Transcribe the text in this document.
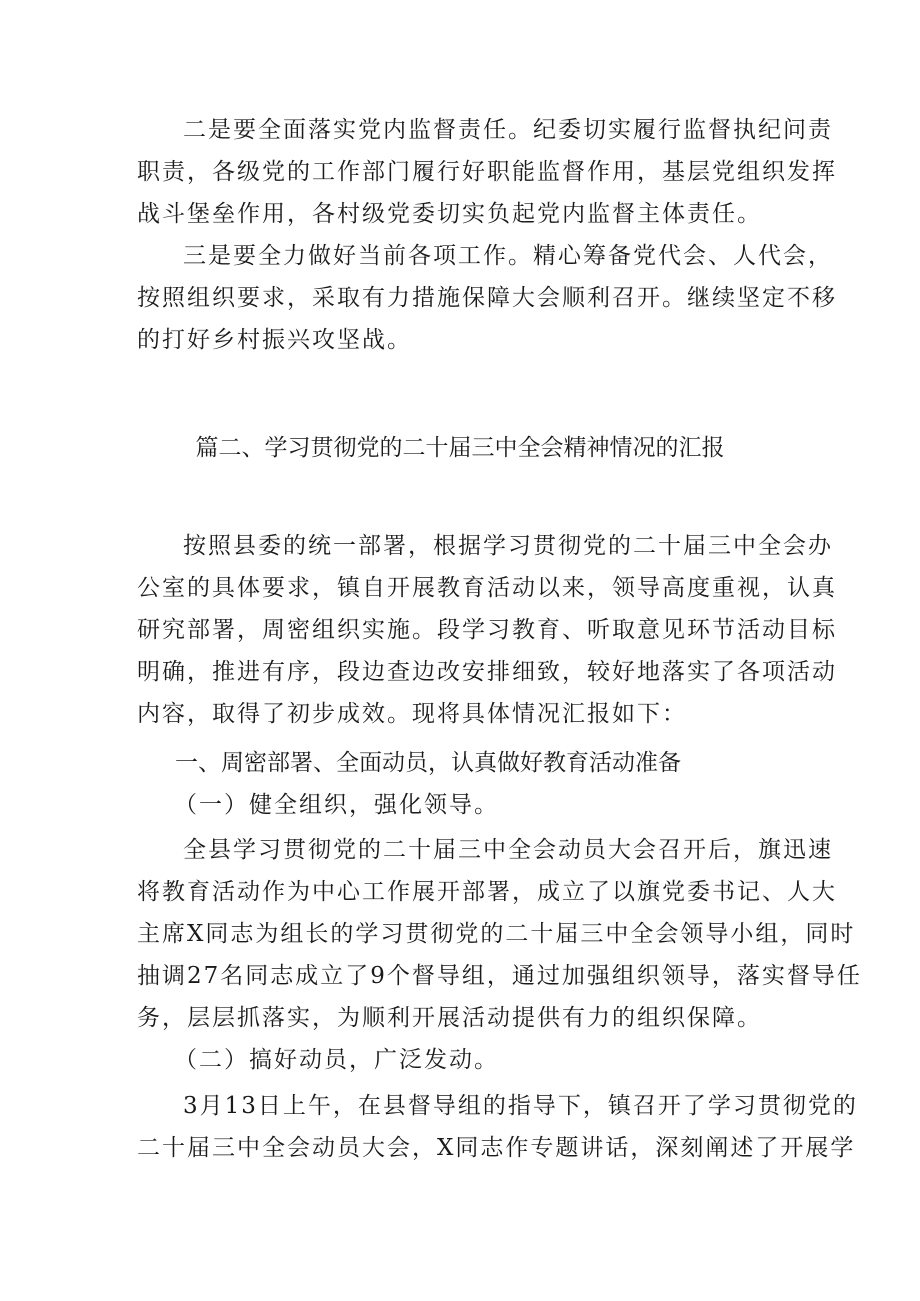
二是要全面落实党内监督责任。纪委切实履行监督执纪问责
职责，各级党的工作部门履行好职能监督作用，基层党组织发挥
战斗堡垒作用，各村级党委切实负起党内监督主体责任。
三是要全力做好当前各项工作。精心筹备党代会、人代会，
按照组织要求，采取有力措施保障大会顺利召开。继续坚定不移
的打好乡村振兴攻坚战。
篇二、学习贯彻党的二十届三中全会精神情况的汇报
按照县委的统一部署，根据学习贯彻党的二十届三中全会办
公室的具体要求，镇自开展教育活动以来，领导高度重视，认真
研究部署，周密组织实施。段学习教育、听取意见环节活动目标
明确，推进有序，段边查边改安排细致，较好地落实了各项活动
内容，取得了初步成效。现将具体情况汇报如下：
一、周密部署、全面动员，认真做好教育活动准备
（一）健全组织，强化领导。
全县学习贯彻党的二十届三中全会动员大会召开后，旗迅速
将教育活动作为中心工作展开部署，成立了以旗党委书记、人大
主席X同志为组长的学习贯彻党的二十届三中全会领导小组，同时
抽调27名同志成立了9个督导组，通过加强组织领导，落实督导任
务，层层抓落实，为顺利开展活动提供有力的组织保障。
（二）搞好动员，广泛发动。
3月13日上午，在县督导组的指导下，镇召开了学习贯彻党的
二十届三中全会动员大会，X同志作专题讲话，深刻阐述了开展学
